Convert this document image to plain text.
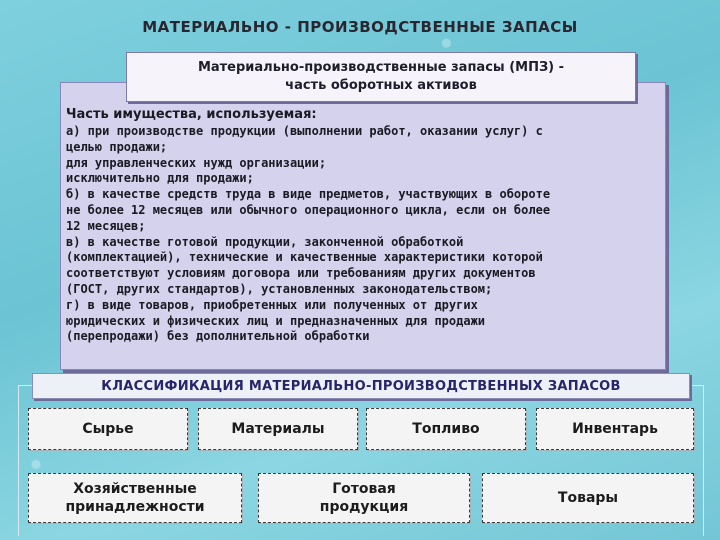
МАТЕРИАЛЬНО - ПРОИЗВОДСТВЕННЫЕ ЗАПАСЫ
Материально-производственные запасы (МПЗ) -
часть оборотных активов
Часть имущества, используемая:
а) при производстве продукции (выполнении работ, оказании услуг) с
целью продажи;
для управленческих нужд организации;
исключительно для продажи;
б) в качестве средств труда в виде предметов, участвующих в обороте
не более 12 месяцев или обычного операционного цикла, если он более
12 месяцев;
в) в качестве готовой продукции, законченной обработкой
(комплектацией), технические и качественные характеристики которой
соответствуют условиям договора или требованиям других документов
(ГОСТ, других стандартов), установленных законодательством;
г) в виде товаров, приобретенных или полученных от других
юридических и физических лиц и предназначенных для продажи
(перепродажи) без дополнительной обработки
КЛАССИФИКАЦИЯ МАТЕРИАЛЬНО-ПРОИЗВОДСТВЕННЫХ ЗАПАСОВ
Сырье	Материалы	Топливо	Инвентарь
Хозяйственные
принадлежности
Готовая
продукция
Товары
